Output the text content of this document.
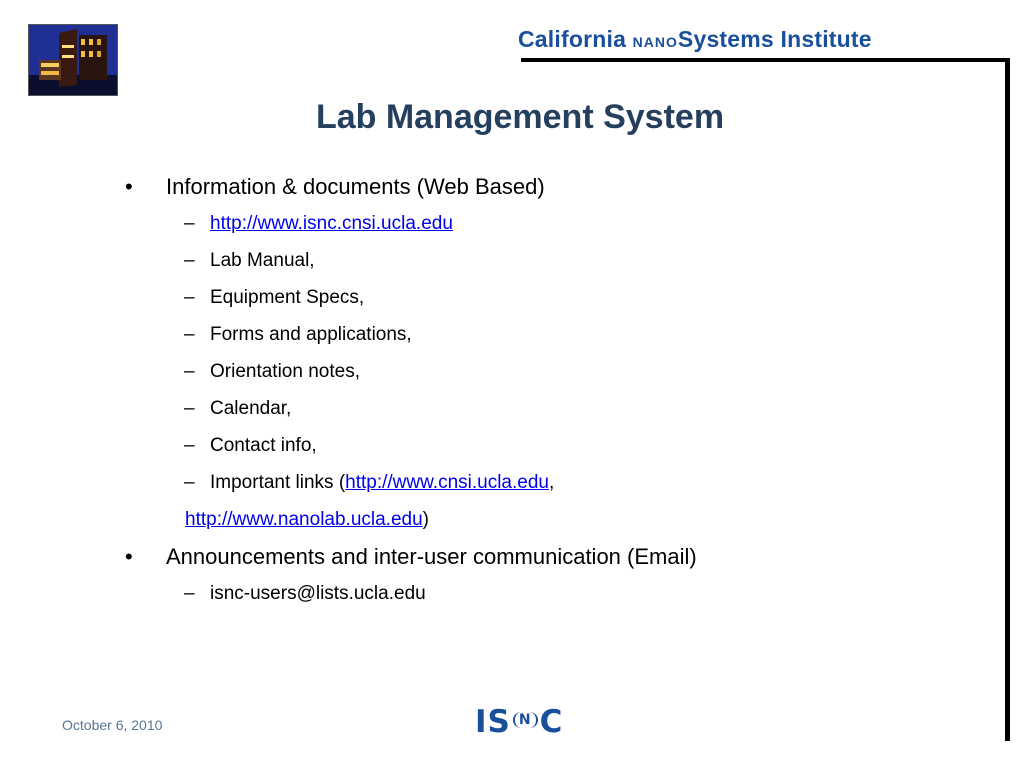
California NANOSystems Institute
Lab Management System
• Information & documents (Web Based)
– http://www.isnc.cnsi.ucla.edu
– Lab Manual,
– Equipment Specs,
– Forms and applications,
– Orientation notes,
– Calendar,
– Contact info,
– Important links (http://www.cnsi.ucla.edu,
http://www.nanolab.ucla.edu)
• Announcements and inter-user communication (Email)
– isnc-users@lists.ucla.edu
October 6, 2010	IS N C
